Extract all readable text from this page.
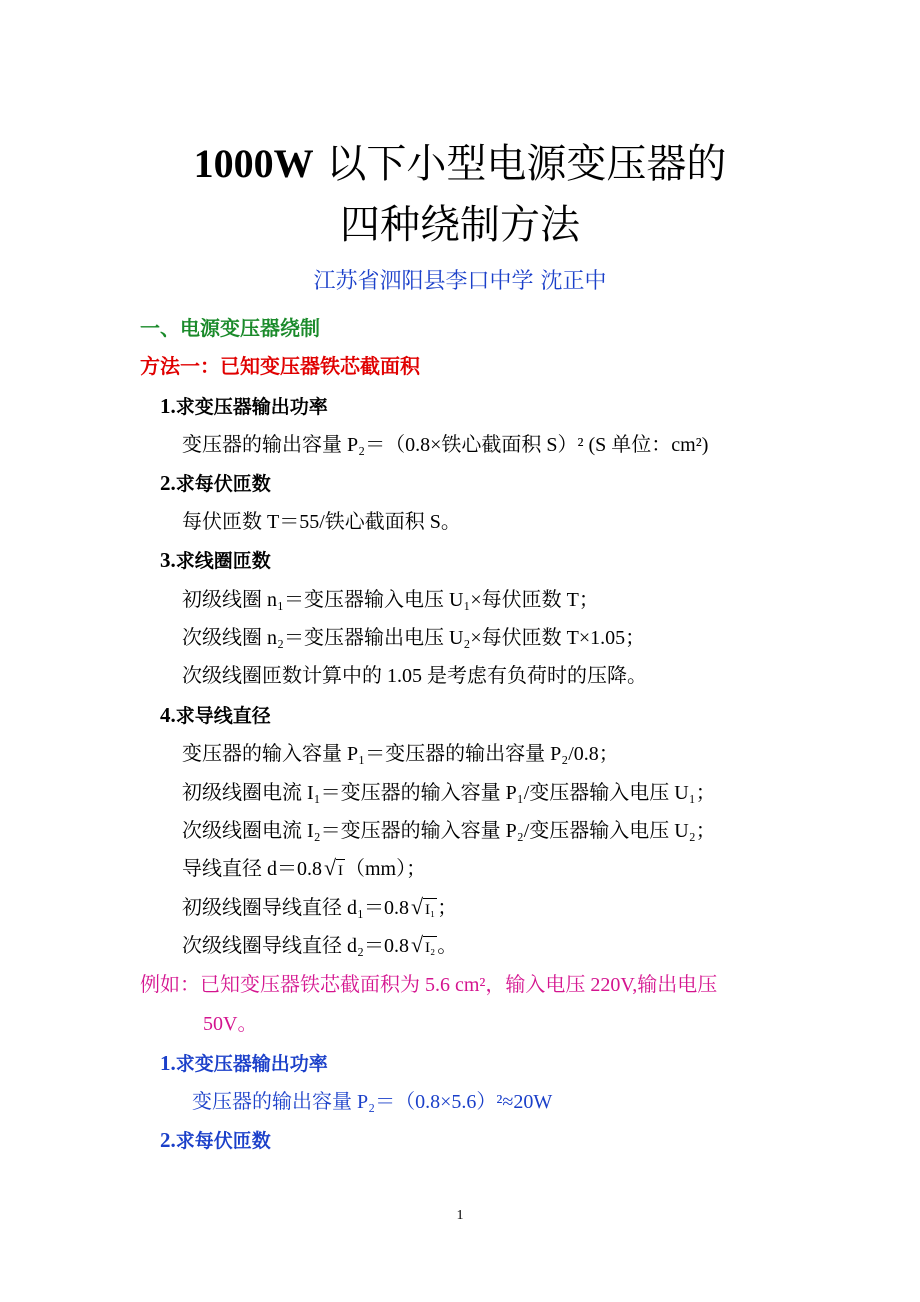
1000W 以下小型电源变压器的
四种绕制方法
江苏省泗阳县李口中学 沈正中
一、电源变压器绕制
方法一：已知变压器铁芯截面积
1.求变压器输出功率
变压器的输出容量 P₂＝（0.8×铁心截面积 S）² (S 单位：cm²)
2.求每伏匝数
每伏匝数 T＝55/铁心截面积 S。
3.求线圈匝数
初级线圈 n₁＝变压器输入电压 U₁×每伏匝数 T；
次级线圈 n₂＝变压器输出电压 U₂×每伏匝数 T×1.05；
次级线圈匝数计算中的 1.05 是考虑有负荷时的压降。
4.求导线直径
变压器的输入容量 P₁＝变压器的输出容量 P₂/0.8；
初级线圈电流 I₁＝变压器的输入容量 P₁/变压器输入电压 U₁；
次级线圈电流 I₂＝变压器的输入容量 P₂/变压器输入电压 U₂；
导线直径 d＝0.8 √ I （mm）；
初级线圈导线直径 d₁＝0.8 √ I₁ ；
次级线圈导线直径 d₂＝0.8 √ I₂ 。
例如：已知变压器铁芯截面积为 5.6 cm²，输入电压 220V,输出电压
50V。
1.求变压器输出功率
变压器的输出容量 P₂＝（0.8×5.6）²≈20W
2.求每伏匝数
1
